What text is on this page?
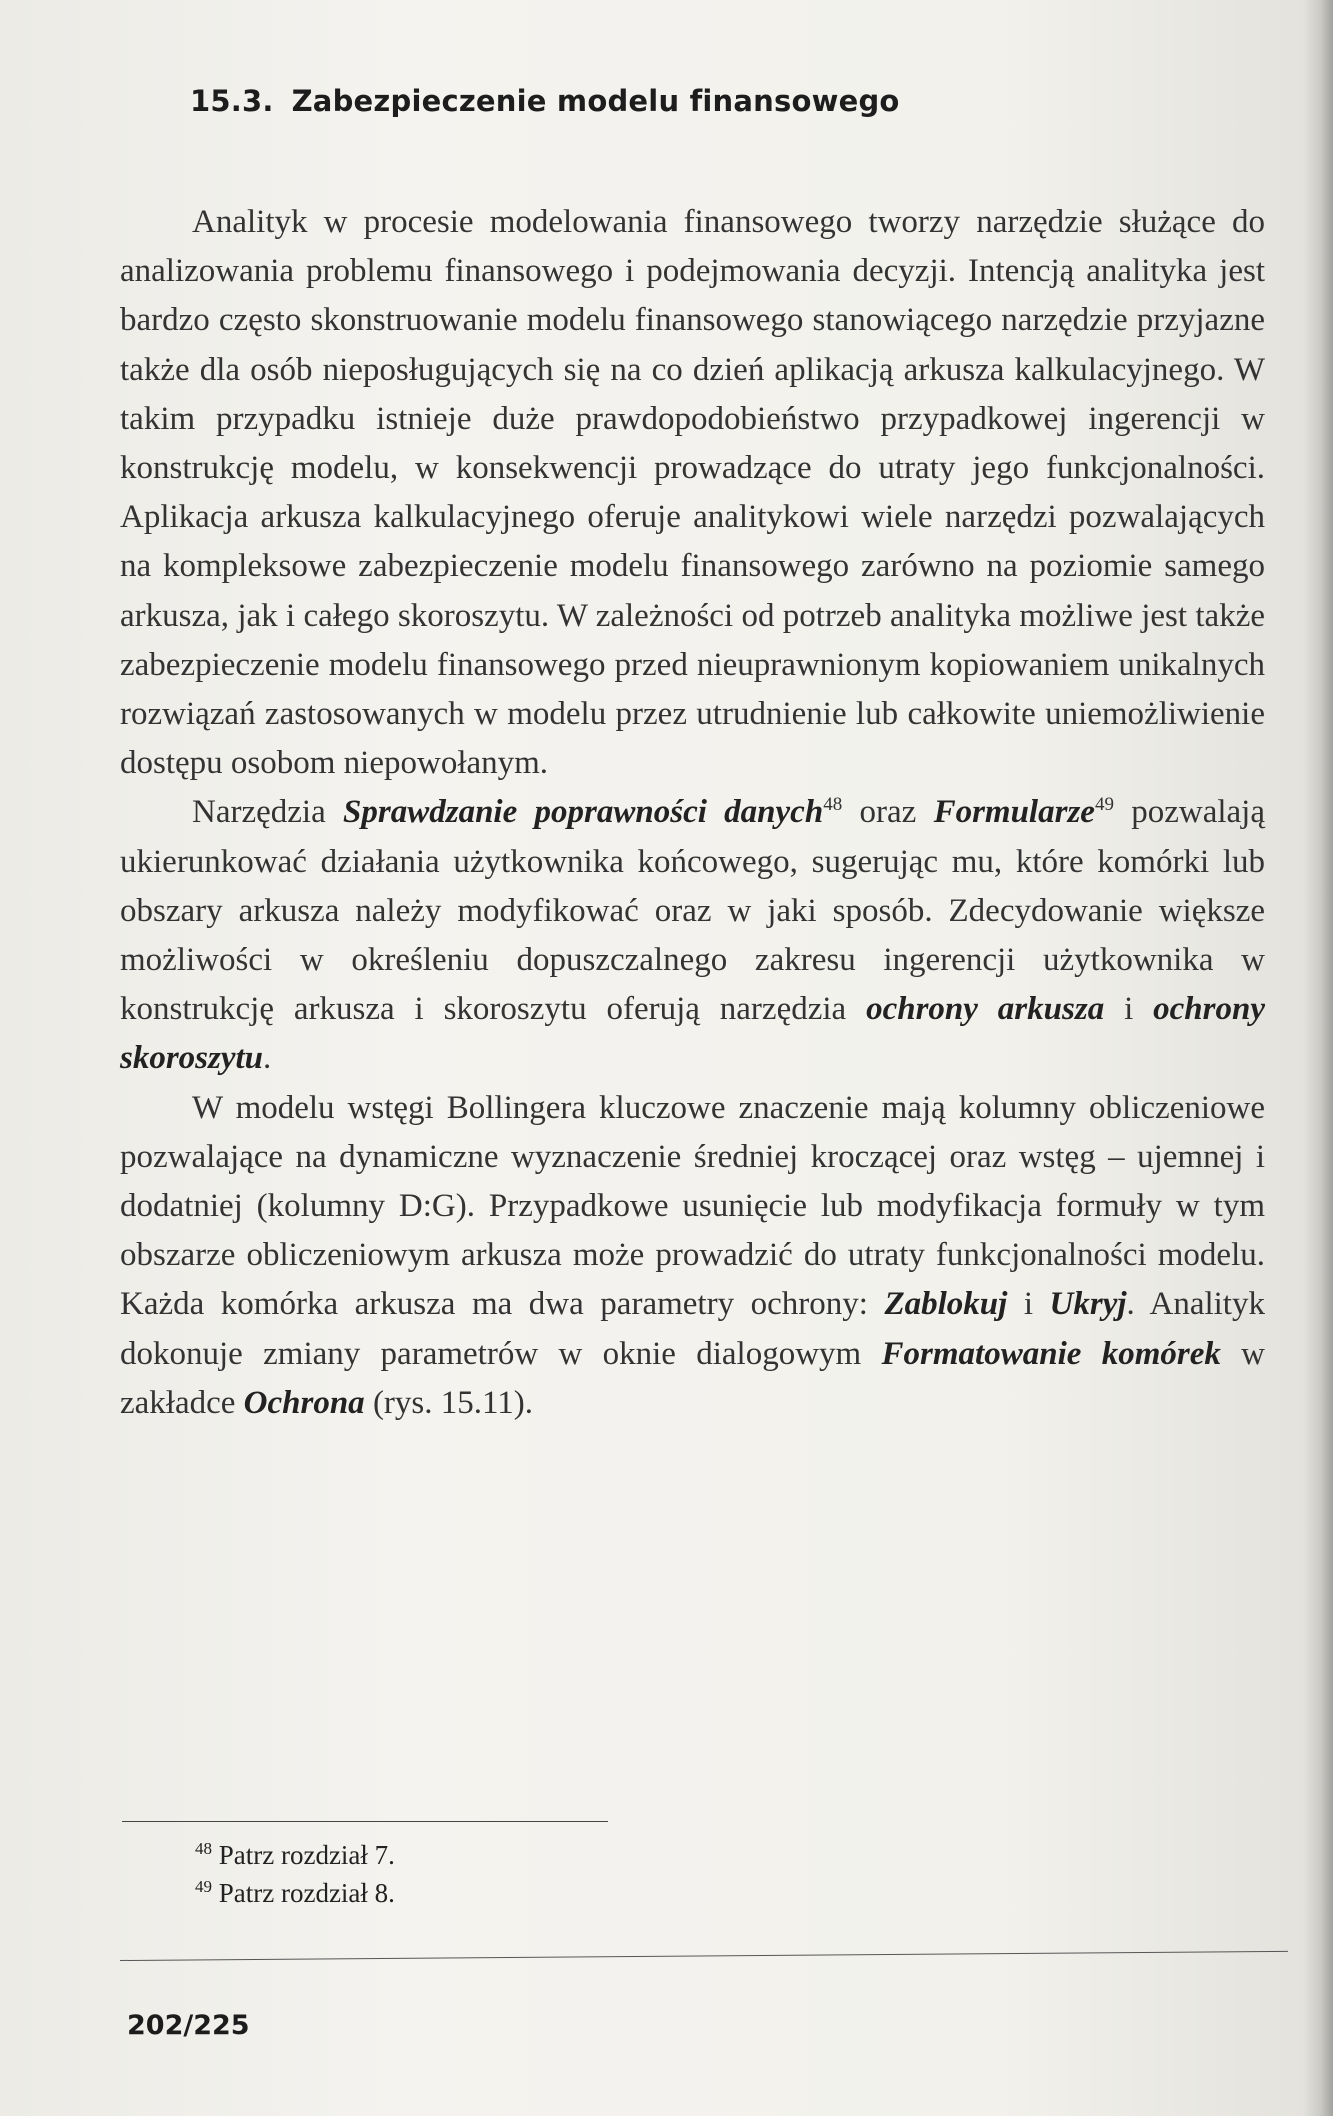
15.3. Zabezpieczenie modelu finansowego

Analityk w procesie modelowania finansowego tworzy narzędzie służące do analizowania problemu finansowego i podejmowania decyzji. Intencją analityka jest bardzo często skonstruowanie modelu finansowego stanowiącego narzędzie przyjazne także dla osób nieposługujących się na co dzień aplikacją arkusza kalkulacyjnego. W takim przypadku istnieje duże prawdopodobieństwo przypadkowej ingerencji w konstrukcję modelu, w konsekwencji prowadzące do utraty jego funkcjonalności. Aplikacja arkusza kalkulacyjnego oferuje analitykowi wiele narzędzi pozwalających na kompleksowe zabezpieczenie modelu finansowego zarówno na poziomie samego arkusza, jak i całego skoroszytu. W zależności od potrzeb analityka możliwe jest także zabezpieczenie modelu finansowego przed nieuprawnionym kopiowaniem unikalnych rozwiązań zastosowanych w modelu przez utrudnienie lub całkowite uniemożliwienie dostępu osobom niepowołanym.

Narzędzia Sprawdzanie poprawności danych$^{48}$ oraz Formularze$^{49}$ pozwalają ukierunkować działania użytkownika końcowego, sugerując mu, które komórki lub obszary arkusza należy modyfikować oraz w jaki sposób. Zdecydowanie większe możliwości w określeniu dopuszczalnego zakresu ingerencji użytkownika w konstrukcję arkusza i skoroszytu oferują narzędzia ochrony arkusza i ochrony skoroszytu.

W modelu wstęgi Bollingera kluczowe znaczenie mają kolumny obliczeniowe pozwalające na dynamiczne wyznaczenie średniej kroczącej oraz wstęg – ujemnej i dodatniej (kolumny D:G). Przypadkowe usunięcie lub modyfikacja formuły w tym obszarze obliczeniowym arkusza może prowadzić do utraty funkcjonalności modelu. Każda komórka arkusza ma dwa parametry ochrony: Zablokuj i Ukryj. Analityk dokonuje zmiany parametrów w oknie dialogowym Formatowanie komórek w zakładce Ochrona (rys. 15.11).

$^{48}$ Patrz rozdział 7.
$^{49}$ Patrz rozdział 8.
202/225
